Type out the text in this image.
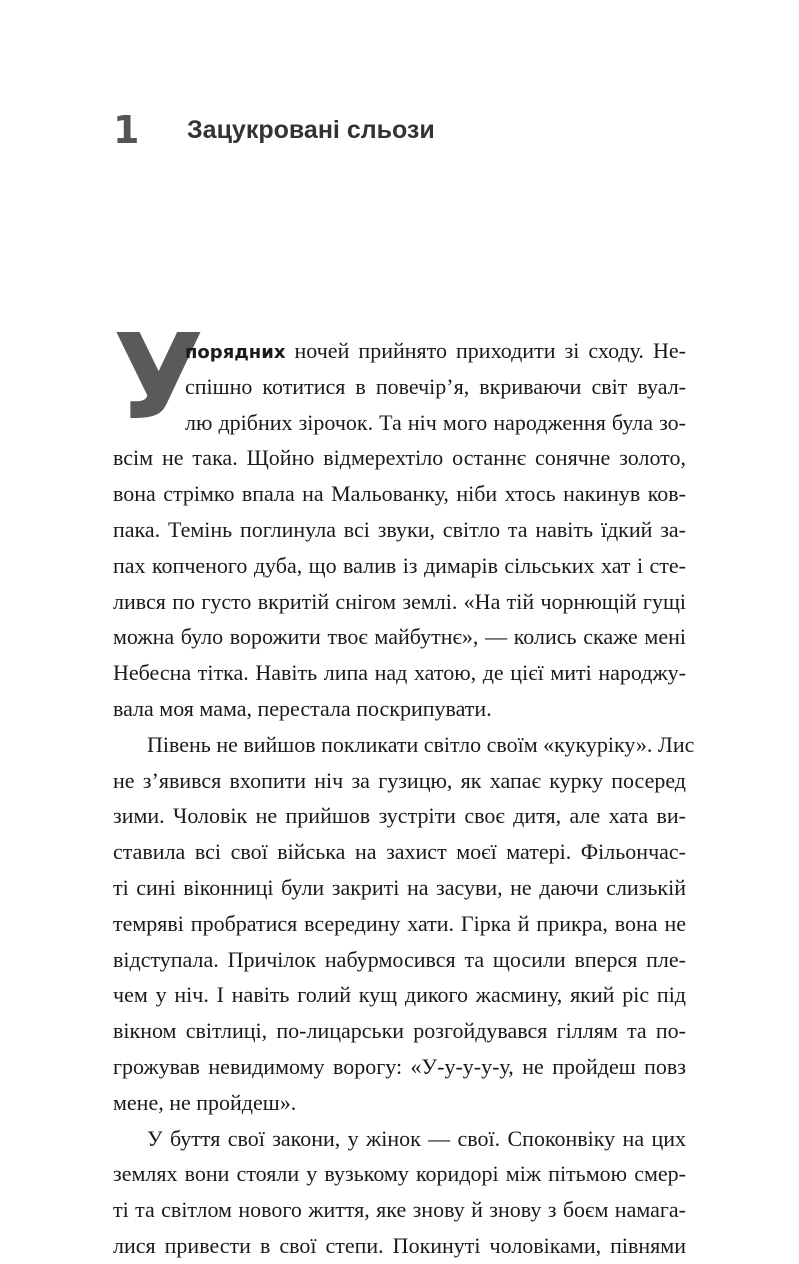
1 Зацукровані сльози
У
порядних ночей прийнято приходити зі сходу. Не-
спішно котитися в повечір’я, вкриваючи світ вуал-
лю дрібних зірочок. Та ніч мого народження була зо-
всім не така. Щойно відмерехтіло останнє сонячне золото,
вона стрімко впала на Мальованку, ніби хтось накинув ков-
пака. Темінь поглинула всі звуки, світло та навіть їдкий за-
пах копченого дуба, що валив із димарів сільських хат і сте-
лився по густо вкритій снігом землі. «На тій чорнющій гущі
можна було ворожити твоє майбутнє», — колись скаже мені
Небесна тітка. Навіть липа над хатою, де цієї миті народжу-
вала моя мама, перестала поскрипувати.
Півень не вийшов покликати світло своїм «кукуріку». Лис
не з’явився вхопити ніч за гузицю, як хапає курку посеред
зими. Чоловік не прийшов зустріти своє дитя, але хата ви-
ставила всі свої війська на захист моєї матері. Фільончас-
ті сині віконниці були закриті на засуви, не даючи слизькій
темряві пробратися всередину хати. Гірка й прикра, вона не
відступала. Причілок набурмосився та щосили вперся пле-
чем у ніч. І навіть голий кущ дикого жасмину, який ріс під
вікном світлиці, по-лицарськи розгойдувався гіллям та по-
грожував невидимому ворогу: «У-у-у-у-у, не пройдеш повз
мене, не пройдеш».
У буття свої закони, у жінок — свої. Споконвіку на цих
землях вони стояли у вузькому коридорі між пітьмою смер-
ті та світлом нового життя, яке знову й знову з боєм намага-
лися привести в свої степи. Покинуті чоловіками, півнями
